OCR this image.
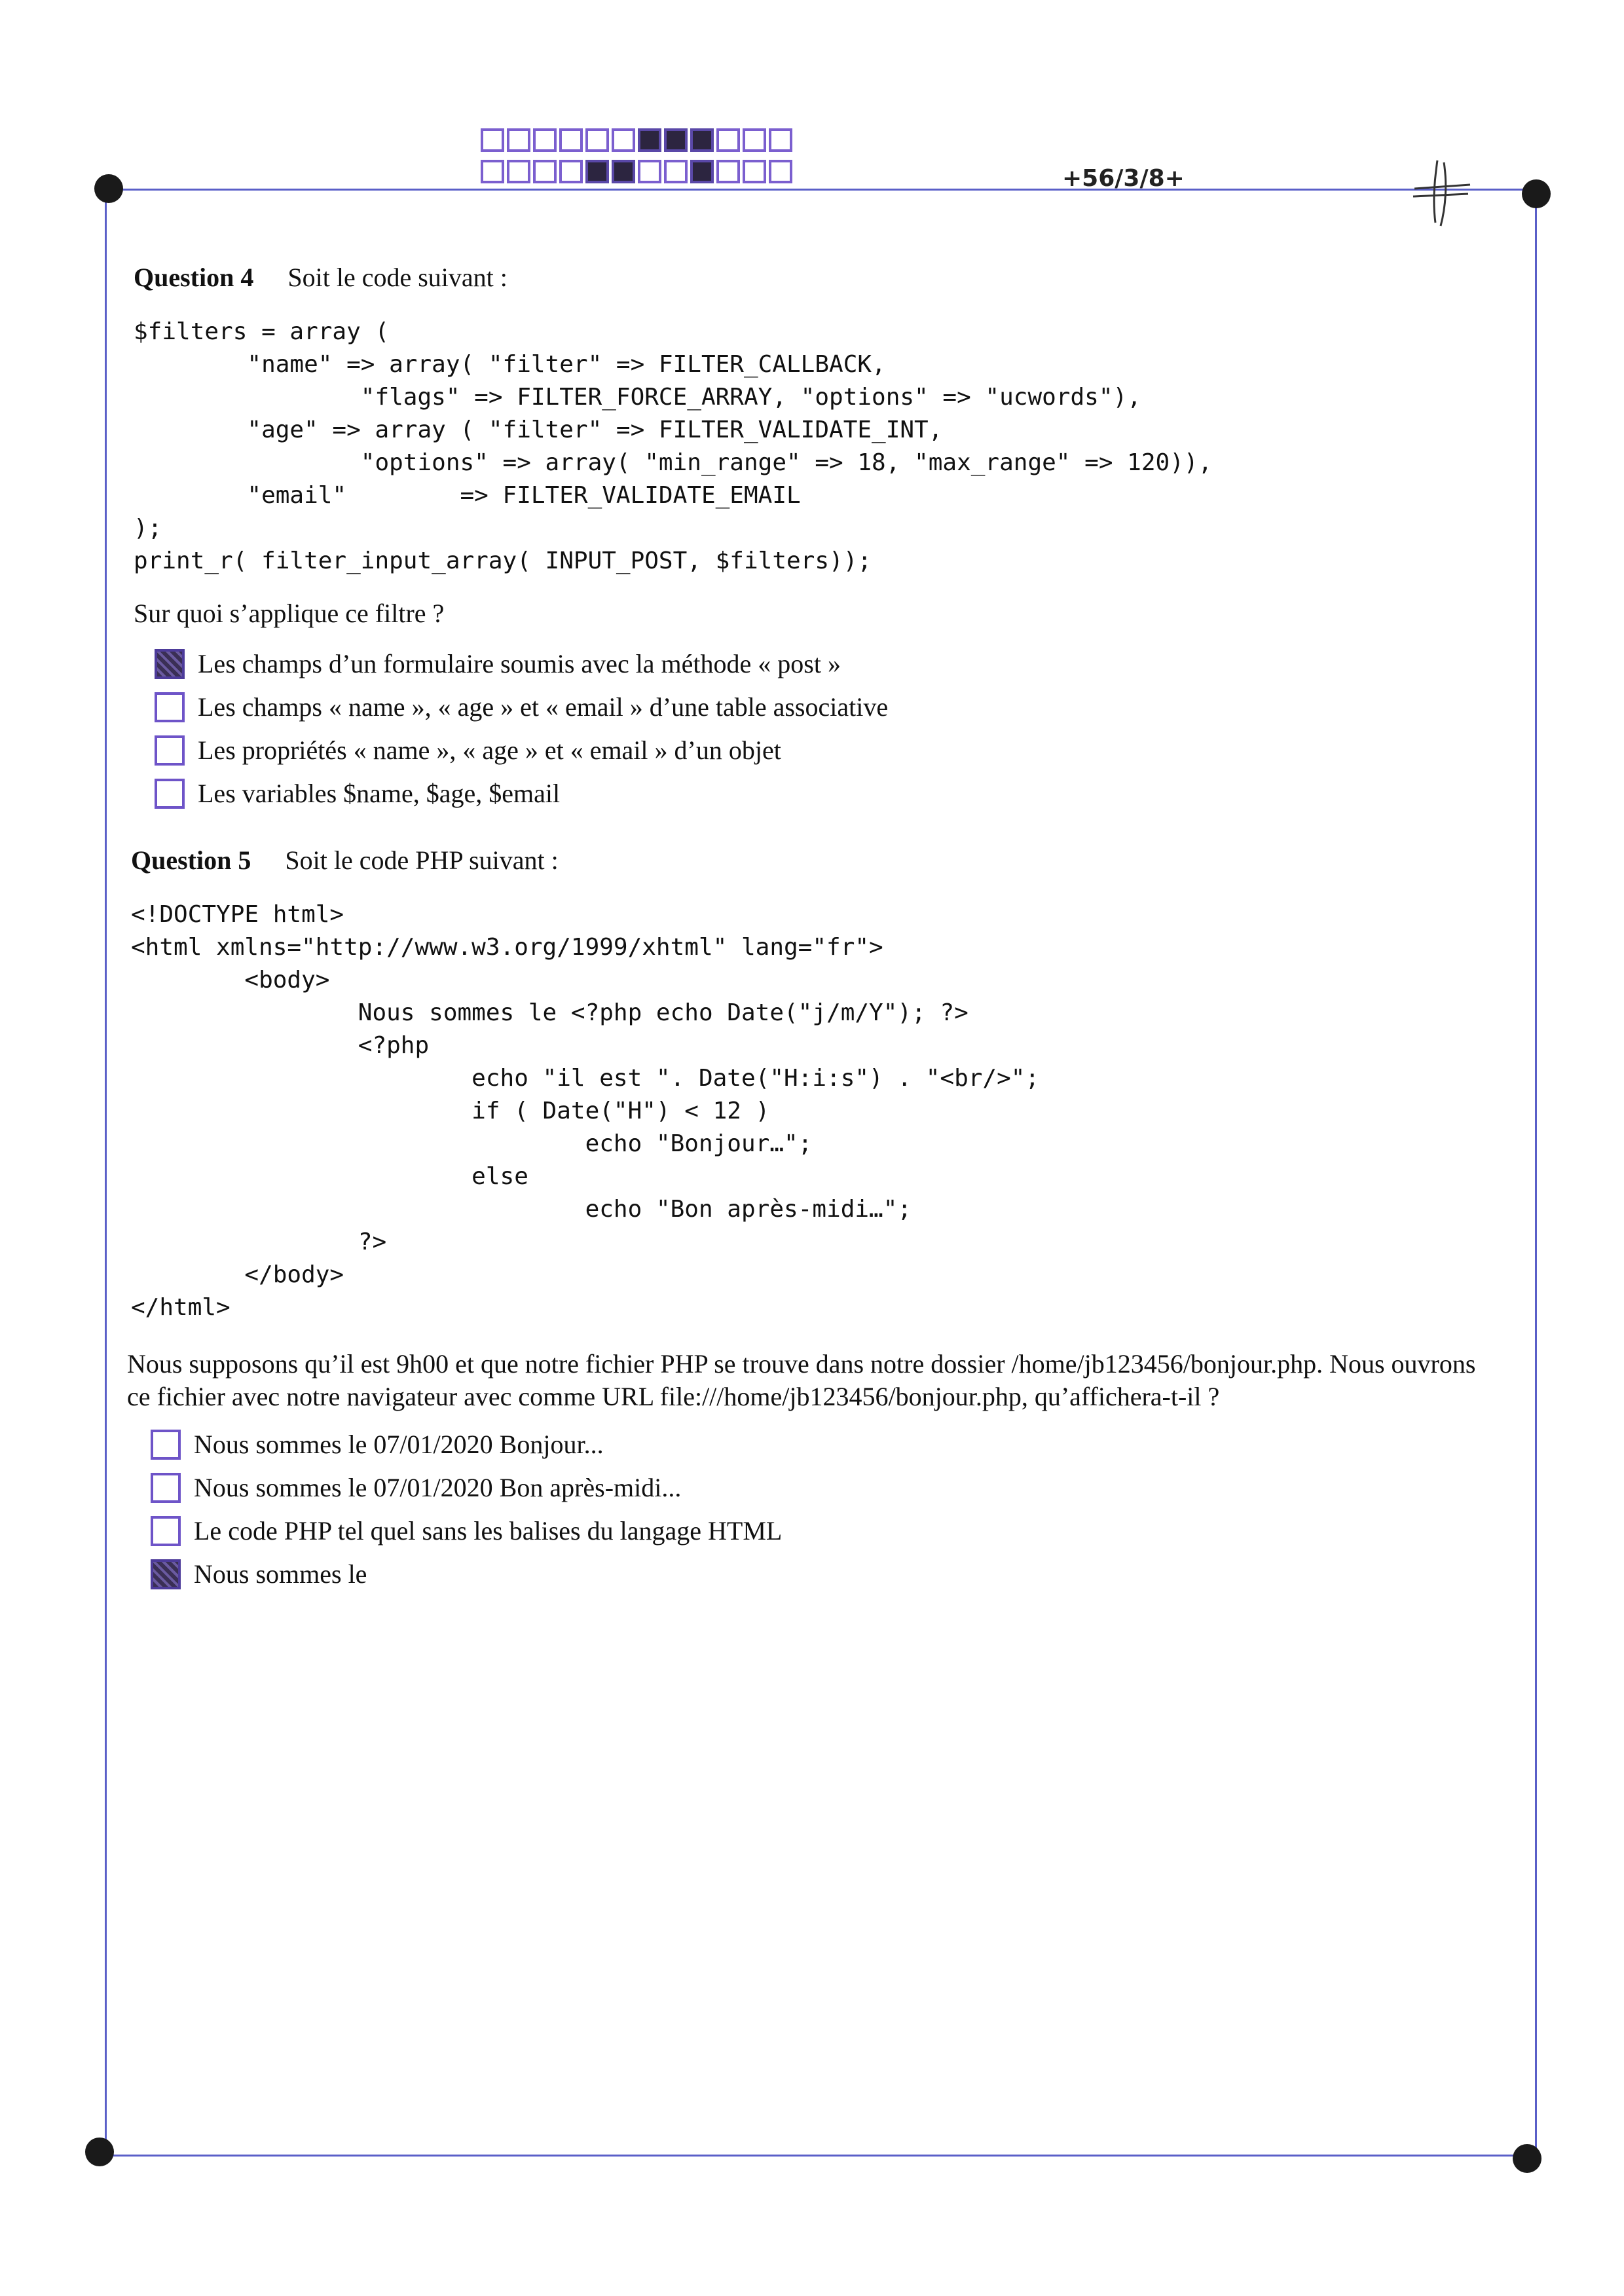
+56/3/8+
Question 4 Soit le code suivant :
$filters = array (
"name" => array( "filter" => FILTER_CALLBACK,
"flags" => FILTER_FORCE_ARRAY, "options" => "ucwords"),
"age" => array ( "filter" => FILTER_VALIDATE_INT,
"options" => array( "min_range" => 18, "max_range" => 120)),
"email"        => FILTER_VALIDATE_EMAIL
);
print_r( filter_input_array( INPUT_POST, $filters));
Sur quoi s’applique ce filtre ?
Les champs d’un formulaire soumis avec la méthode « post »
Les champs « name », « age » et « email » d’une table associative
Les propriétés « name », « age » et « email » d’un objet
Les variables $name, $age, $email
Question 5 Soit le code PHP suivant :
<!DOCTYPE html>
<html xmlns="http://www.w3.org/1999/xhtml" lang="fr">
<body>
Nous sommes le <?php echo Date("j/m/Y"); ?>
<?php
echo "il est ". Date("H:i:s") . "<br/>";
if ( Date("H") < 12 )
echo "Bonjour…";
else
echo "Bon après-midi…";
?>
</body>
</html>
Nous supposons qu’il est 9h00 et que notre fichier PHP se trouve dans notre dossier /home/jb123456/bonjour.php. Nous ouvrons
ce fichier avec notre navigateur avec comme URL file:///home/jb123456/bonjour.php, qu’affichera-t-il ?
Nous sommes le 07/01/2020 Bonjour...
Nous sommes le 07/01/2020 Bon après-midi...
Le code PHP tel quel sans les balises du langage HTML
Nous sommes le
